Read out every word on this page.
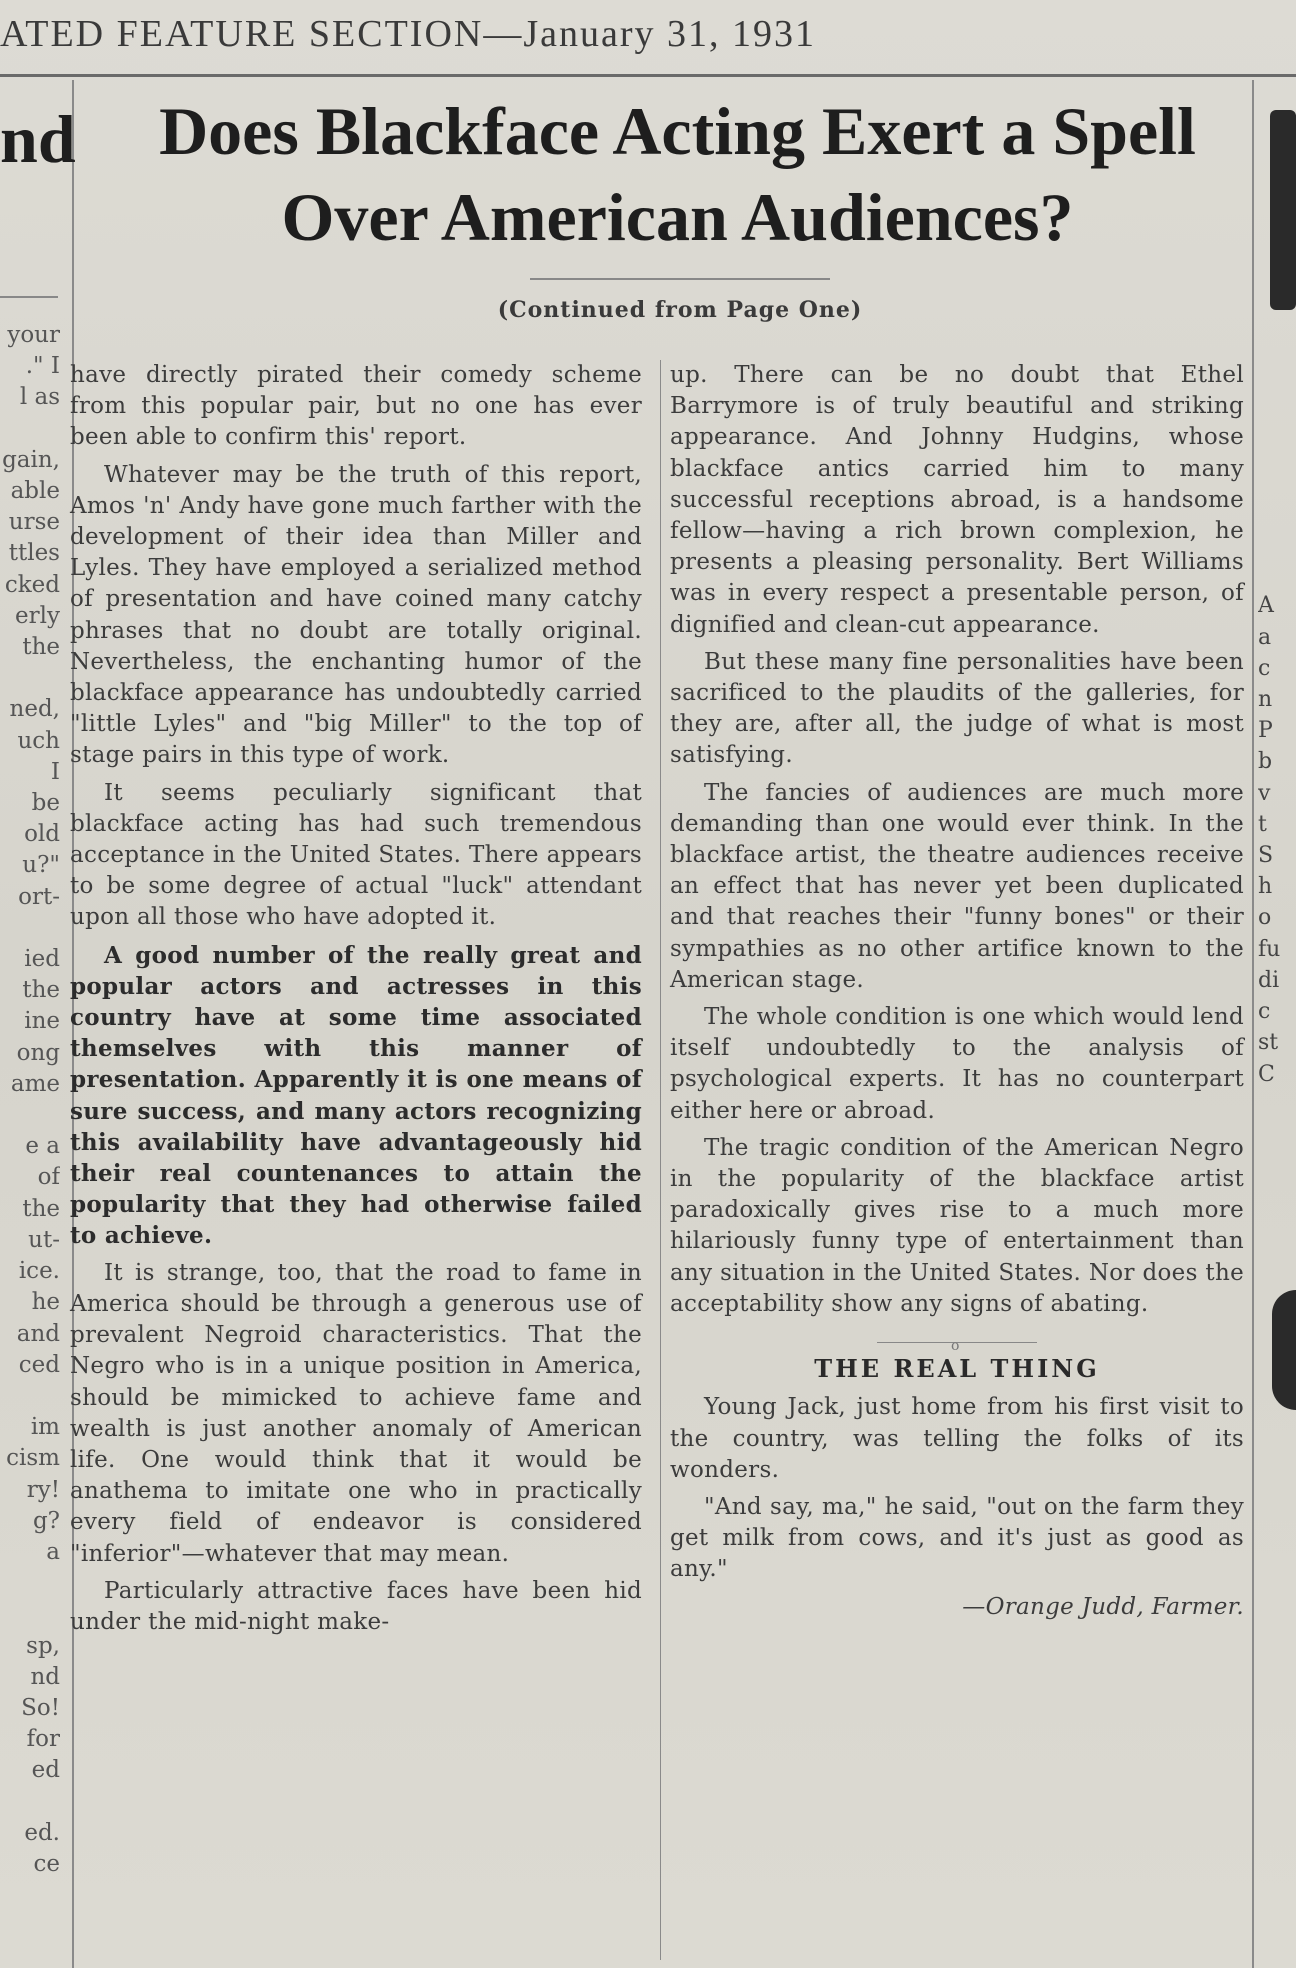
ATED FEATURE SECTION—January 31, 1931
nd	Does Blackface Acting Exert a Spell
Over American Audiences?
(Continued from Page One)
your
." I
l as

gain,
able
urse
ttles
cked
erly
the

ned,
uch
I
be
old
u?"
ort-

ied
the
ine
ong
ame

e a
of
the
ut-
ice.
he
and
ced

im
cism
ry!
g?
a

sp,
nd
So!
for
ed

ed.
ce

have directly pirated their comedy scheme from this popular pair, but no one has ever been able to confirm this' report.

Whatever may be the truth of this report, Amos 'n' Andy have gone much farther with the development of their idea than Miller and Lyles. They have employed a serialized method of presentation and have coined many catchy phrases that no doubt are totally original. Nevertheless, the enchanting humor of the blackface appearance has undoubtedly carried "little Lyles" and "big Miller" to the top of stage pairs in this type of work.

It seems peculiarly significant that blackface acting has had such tremendous acceptance in the United States. There appears to be some degree of actual "luck" attendant upon all those who have adopted it.

A good number of the really great and popular actors and actresses in this country have at some time associated themselves with this manner of presentation. Apparently it is one means of sure success, and many actors recognizing this availability have advantageously hid their real countenances to attain the popularity that they had otherwise failed to achieve.

It is strange, too, that the road to fame in America should be through a generous use of prevalent Negroid characteristics. That the Negro who is in a unique position in America, should be mimicked to achieve fame and wealth is just another anomaly of American life. One would think that it would be anathema to imitate one who in practically every field of endeavor is considered "inferior"—whatever that may mean.

Particularly attractive faces have been hid under the mid-night make-

up. There can be no doubt that Ethel Barrymore is of truly beautiful and striking appearance. And Johnny Hudgins, whose blackface antics carried him to many successful receptions abroad, is a handsome fellow—having a rich brown complexion, he presents a pleasing personality. Bert Williams was in every respect a presentable person, of dignified and clean-cut appearance.

But these many fine personalities have been sacrificed to the plaudits of the galleries, for they are, after all, the judge of what is most satisfying.

The fancies of audiences are much more demanding than one would ever think. In the blackface artist, the theatre audiences receive an effect that has never yet been duplicated and that reaches their "funny bones" or their sympathies as no other artifice known to the American stage.

The whole condition is one which would lend itself undoubtedly to the analysis of psychological experts. It has no counterpart either here or abroad.

The tragic condition of the American Negro in the popularity of the blackface artist paradoxically gives rise to a much more hilariously funny type of entertainment than any situation in the United States. Nor does the acceptability show any signs of abating.

o
THE REAL THING

Young Jack, just home from his first visit to the country, was telling the folks of its wonders.

"And say, ma," he said, "out on the farm they get milk from cows, and it's just as good as any."

—Orange Judd, Farmer.

A
a
c
n
P
b
v
t
S
h
o
fu
di
c
st
C
